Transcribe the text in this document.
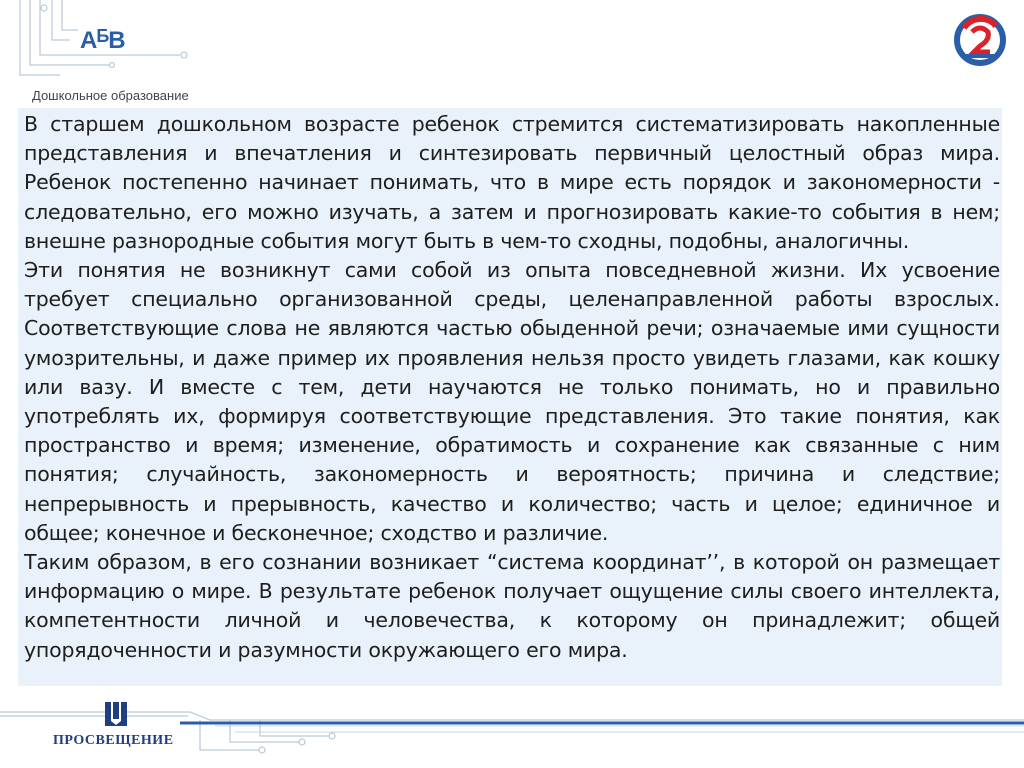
$А^БВ$
Дошкольное образование

В старшем дошкольном возрасте ребенок стремится систематизировать накопленные представления и впечатления и синтезировать первичный целостный образ мира. Ребенок постепенно начинает понимать, что в мире есть порядок и закономерности - следовательно, его можно изучать, а затем и прогнозировать какие-то события в нем; внешне разнородные события могут быть в чем-то сходны, подобны, аналогичны.

Эти понятия не возникнут сами собой из опыта повседневной жизни. Их усвоение требует специально организованной среды, целенаправленной работы взрослых. Соответствующие слова не являются частью обыденной речи; означаемые ими сущности умозрительны, и даже пример их проявления нельзя просто увидеть глазами, как кошку или вазу. И вместе с тем, дети научаются не только понимать, но и правильно употреблять их, формируя соответствующие представления. Это такие понятия, как пространство и время; изменение, обратимость и сохранение как связанные с ним понятия; случайность, закономерность и вероятность; причина и следствие; непрерывность и прерывность, качество и количество; часть и целое; единичное и общее; конечное и бесконечное; сходство и различие.

Таким образом, в его сознании возникает “система координат’’, в которой он размещает информацию о мире. В результате ребенок получает ощущение силы своего интеллекта, компетентности личной и человечества, к которому он принадлежит; общей упорядоченности и разумности окружающего его мира.

ПРОСВЕЩЕНИЕ
